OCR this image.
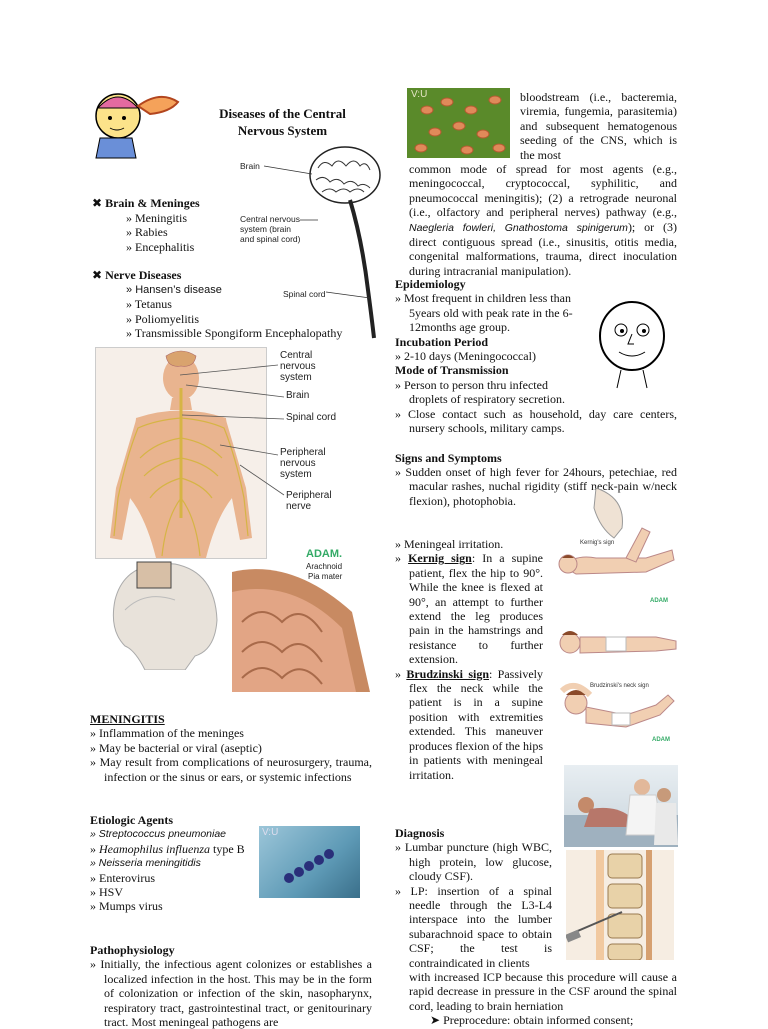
Diseases of the Central
Nervous System
✖ Brain & Meninges
» Meningitis
» Rabies
» Encephalitis
✖ Nerve Diseases
» Hansen’s disease
» Tetanus
» Poliomyelitis
» Transmissible Spongiform Encephalopathy
Brain
Central nervous
system (brain
and spinal cord)
Spinal cord
Central
nervous
system
Brain
Spinal cord
Peripheral
nervous
system
Peripheral
nerve
ADAM.
Arachnoid
Pia mater
MENINGITIS
» Inflammation of the meninges
» May be bacterial or viral (aseptic)
» May result from complications of neurosurgery, trauma, infection or the sinus or ears, or systemic infections
Etiologic Agents
» Streptococcus pneumoniae
» Heamophilus influenza type B
» Neisseria meningitidis
» Enterovirus
» HSV
» Mumps virus
V:U
Pathophysiology
» Initially, the infectious agent colonizes or establishes a localized infection in the host. This may be in the form of colonization or infection of the skin, nasopharynx, respiratory tract, gastrointestinal tract, or genitourinary tract. Most meningeal pathogens are
V:U	bloodstream (i.e., bacteremia, viremia, fungemia, parasitemia) and subsequent hematogenous seeding of the CNS, which is the most
common mode of spread for most agents (e.g., meningococcal, cryptococcal, syphilitic, and pneumococcal meningitis); (2) a retrograde neuronal (i.e., olfactory and peripheral nerves) pathway (e.g., Naegleria fowleri, Gnathostoma spinigerum); or (3) direct contiguous spread (i.e., sinusitis, otitis media, congenital malformations, trauma, direct inoculation during intracranial manipulation).
Epidemiology
» Most frequent in children less than 5years old with peak rate in the 6-12months age group.
Incubation Period
» 2-10 days (Meningococcal)
Mode of Transmission
» Person to person thru infected droplets of respiratory secretion.
» Close contact such as household, day care centers, nursery schools, military camps.
Signs and Symptoms
» Sudden onset of high fever for 24hours, petechiae, red macular rashes, nuchal rigidity (stiff neck-pain w/neck flexion), photophobia.
» Meningeal irritation.
» Kernig sign: In a supine patient, flex the hip to 90°. While the knee is flexed at 90°, an attempt to further extend the leg produces pain in the hamstrings and resistance to further extension.
» Brudzinski sign: Passively flex the neck while the patient is in a supine position with extremities extended. This maneuver produces flexion of the hips in patients with meningeal irritation.
Kernig's sign
ADAM
Brudzinski's neck sign
ADAM
Diagnosis
» Lumbar puncture (high WBC, high protein, low glucose, cloudy CSF).
» LP: insertion of a spinal needle through the L3-L4 interspace into the lumber subarachnoid space to obtain CSF; the test is contraindicated in clients
with increased ICP because this procedure will cause a rapid decrease in pressure in the CSF around the spinal cord, leading to brain herniation
➤ Preprocedure: obtain informed consent;
